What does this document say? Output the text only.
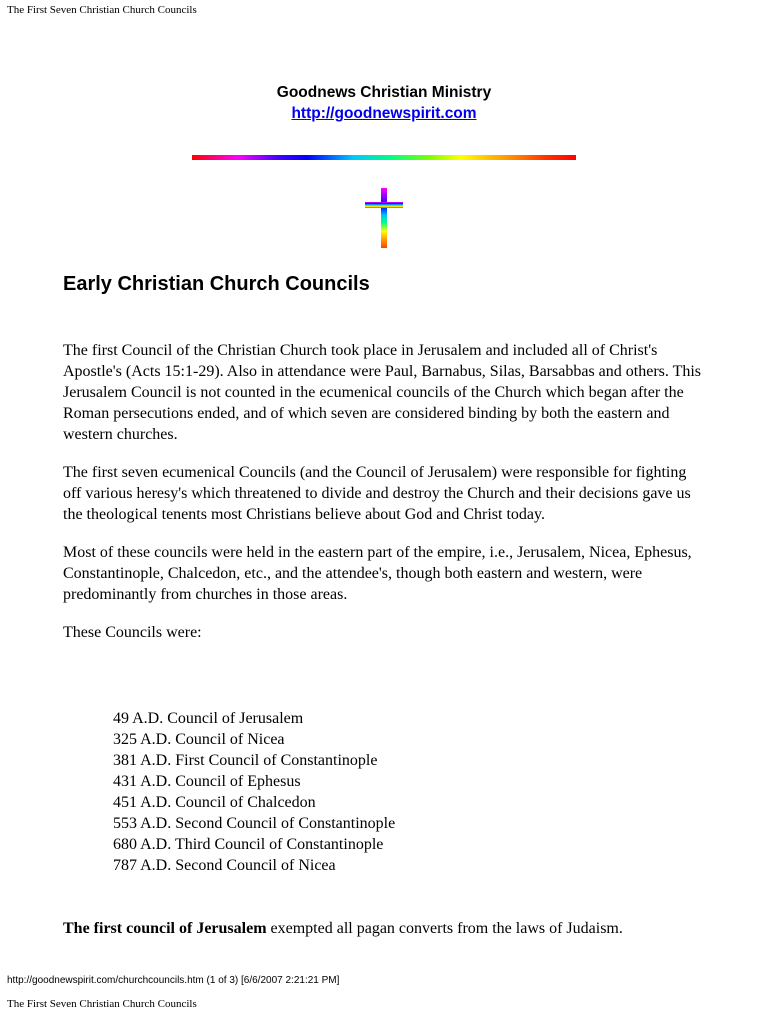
The First Seven Christian Church Councils
Goodnews Christian Ministry
http://goodnewspirit.com
Early Christian Church Councils

The first Council of the Christian Church took place in Jerusalem and included all of Christ's Apostle's (Acts 15:1-29). Also in attendance were Paul, Barnabus, Silas, Barsabbas and others. This Jerusalem Council is not counted in the ecumenical councils of the Church which began after the Roman persecutions ended, and of which seven are considered binding by both the eastern and western churches.

The first seven ecumenical Councils (and the Council of Jerusalem) were responsible for fighting off various heresy's which threatened to divide and destroy the Church and their decisions gave us the theological tenents most Christians believe about God and Christ today.

Most of these councils were held in the eastern part of the empire, i.e., Jerusalem, Nicea, Ephesus, Constantinople, Chalcedon, etc., and the attendee's, though both eastern and western, were predominantly from churches in those areas.

These Councils were:

49 A.D. Council of Jerusalem
325 A.D. Council of Nicea
381 A.D. First Council of Constantinople
431 A.D. Council of Ephesus
451 A.D. Council of Chalcedon
553 A.D. Second Council of Constantinople
680 A.D. Third Council of Constantinople
787 A.D. Second Council of Nicea

The first council of Jerusalem exempted all pagan converts from the laws of Judaism.

http://goodnewspirit.com/churchcouncils.htm (1 of 3) [6/6/2007 2:21:21 PM]
The First Seven Christian Church Councils
